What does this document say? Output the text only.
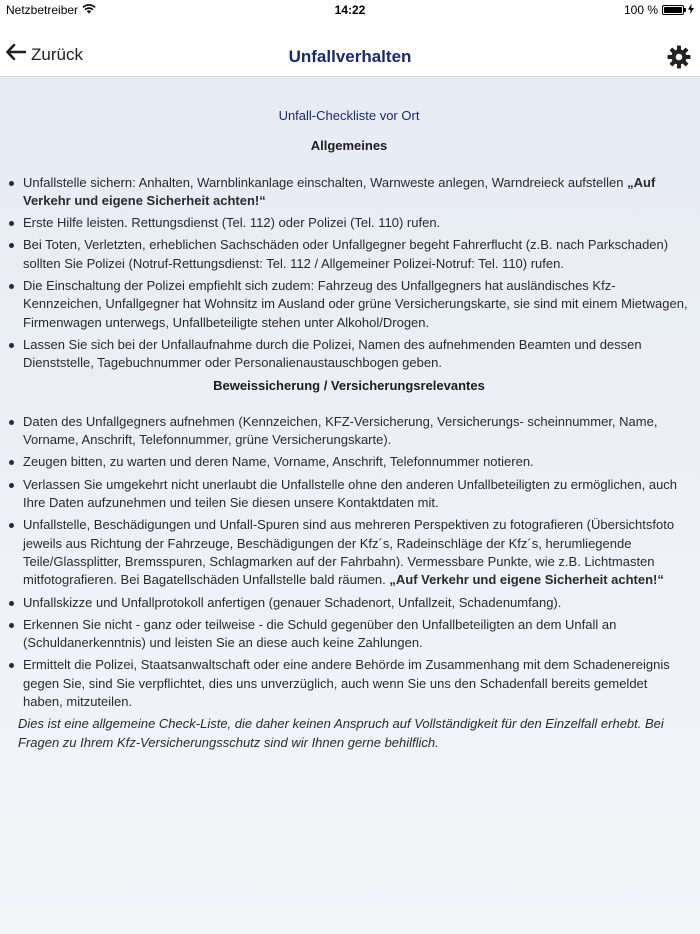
Netzbetreiber	14:22	100 %
Zurück	Unfallverhalten
Unfall-Checkliste vor Ort
Allgemeines
Unfallstelle sichern: Anhalten, Warnblinkanlage einschalten, Warnweste anlegen, Warndreieck aufstellen „Auf Verkehr und eigene Sicherheit achten!“
Erste Hilfe leisten. Rettungsdienst (Tel. 112) oder Polizei (Tel. 110) rufen.
Bei Toten, Verletzten, erheblichen Sachschäden oder Unfallgegner begeht Fahrerflucht (z.B. nach Parkschaden) sollten Sie Polizei (Notruf-Rettungsdienst: Tel. 112 / Allgemeiner Polizei-Notruf: Tel. 110) rufen.
Die Einschaltung der Polizei empfiehlt sich zudem: Fahrzeug des Unfallgegners hat ausländisches Kfz-Kennzeichen, Unfallgegner hat Wohnsitz im Ausland oder grüne Versicherungskarte, sie sind mit einem Mietwagen, Firmenwagen unterwegs, Unfallbeteiligte stehen unter Alkohol/Drogen.
Lassen Sie sich bei der Unfallaufnahme durch die Polizei, Namen des aufnehmenden Beamten und dessen Dienststelle, Tagebuchnummer oder Personalienaustauschbogen geben.
Beweissicherung / Versicherungsrelevantes
Daten des Unfallgegners aufnehmen (Kennzeichen, KFZ-Versicherung, Versicherungs- scheinnummer, Name, Vorname, Anschrift, Telefonnummer, grüne Versicherungskarte).
Zeugen bitten, zu warten und deren Name, Vorname, Anschrift, Telefonnummer notieren.
Verlassen Sie umgekehrt nicht unerlaubt die Unfallstelle ohne den anderen Unfallbeteiligten zu ermöglichen, auch Ihre Daten aufzunehmen und teilen Sie diesen unsere Kontaktdaten mit.
Unfallstelle, Beschädigungen und Unfall-Spuren sind aus mehreren Perspektiven zu fotografieren (Übersichtsfoto jeweils aus Richtung der Fahrzeuge, Beschädigungen der Kfz´s, Radeinschläge der Kfz´s, herumliegende Teile/Glassplitter, Bremsspuren, Schlagmarken auf der Fahrbahn). Vermessbare Punkte, wie z.B. Lichtmasten mitfotografieren. Bei Bagatellschäden Unfallstelle bald räumen. „Auf Verkehr und eigene Sicherheit achten!“
Unfallskizze und Unfallprotokoll anfertigen (genauer Schadenort, Unfallzeit, Schadenumfang).
Erkennen Sie nicht - ganz oder teilweise - die Schuld gegenüber den Unfallbeteiligten an dem Unfall an (Schuldanerkenntnis) und leisten Sie an diese auch keine Zahlungen.
Ermittelt die Polizei, Staatsanwaltschaft oder eine andere Behörde im Zusammenhang mit dem Schadenereignis gegen Sie, sind Sie verpflichtet, dies uns unverzüglich, auch wenn Sie uns den Schadenfall bereits gemeldet haben, mitzuteilen.
Dies ist eine allgemeine Check-Liste, die daher keinen Anspruch auf Vollständigkeit für den Einzelfall erhebt. Bei Fragen zu Ihrem Kfz-Versicherungsschutz sind wir Ihnen gerne behilflich.
